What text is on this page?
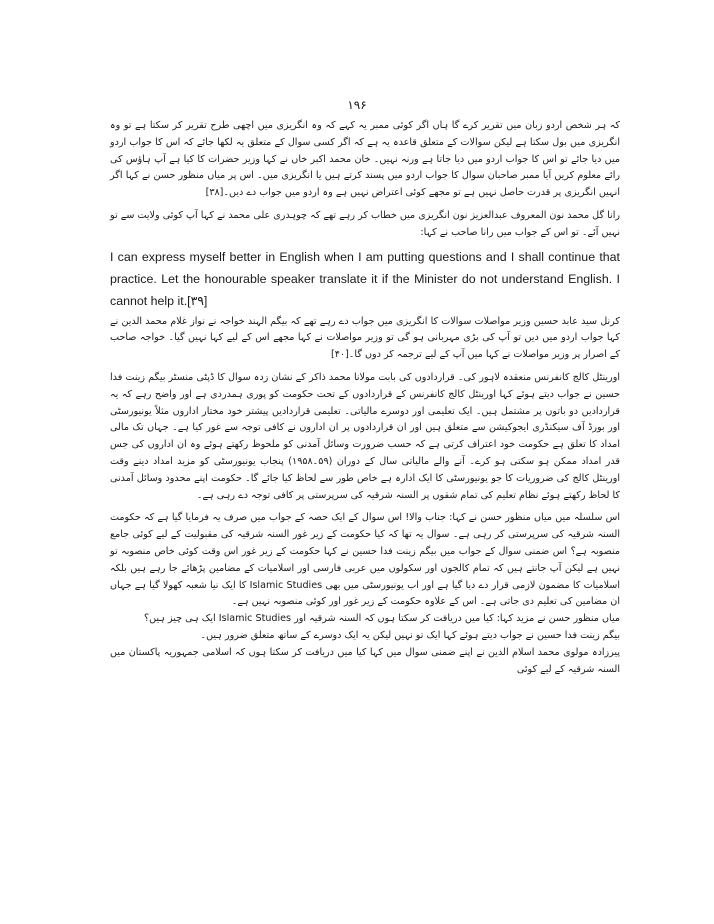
۱۹۶

کہ ہر شخص اردو زبان میں تقریر کرے گا ہاں اگر کوئی ممبر یہ کہے کہ وہ انگریزی میں اچھی طرح تقریر کر سکتا ہے تو وہ انگریزی میں بول سکتا ہے لیکن سوالات کے متعلق قاعدہ یہ ہے کہ اگر کسی سوال کے متعلق یہ لکھا جائے کہ اس کا جواب اردو میں دیا جائے تو اس کا جواب اردو میں دیا جاتا ہے ورنہ نہیں۔ خان محمد اکبر خاں نے کہا وزیر حضرات کا کیا ہے آپ ہاؤس کی رائے معلوم کریں آیا ممبر صاحبان سوال کا جواب اردو میں پسند کرتے ہیں یا انگریزی میں۔ اس پر میاں منظور حسن نے کہا اگر انہیں انگریزی پر قدرت حاصل نہیں ہے تو مجھے کوئی اعتراض نہیں ہے وہ اردو میں جواب دے دیں۔[۳۸]

رانا گل محمد نون المعروف عبدالعزیز نون انگریزی میں خطاب کر رہے تھے کہ چوہدری علی محمد نے کہا آپ کوئی ولایت سے تو نہیں آئے۔ تو اس کے جواب میں رانا صاحب نے کہا:

I can express myself better in English when I am putting questions and I shall continue that practice. Let the honourable speaker translate it if the Minister do not understand English. I cannot help it.[۳۹]

کرنل سید عابد حسین وزیر مواصلات سوالات کا انگریزی میں جواب دے رہے تھے کہ بیگم الہند خواجہ نے نواز غلام محمد الدین نے کہا جواب اردو میں دیں تو آپ کی بڑی مہربانی ہو گی تو وزیر مواصلات نے کہا مجھے اس کے لیے کہا نہیں گیا۔ خواجہ صاحب کے اصرار پر وزیر مواصلات نے کہا میں آپ کے لیے ترجمہ کر دوں گا۔[۴۰]

اورینٹل کالج کانفرنس منعقدہ لاہور کی۔ قراردادوں کی بابت مولانا محمد ذاکر کے نشان زدہ سوال کا ڈپٹی منسٹر بیگم زینت فدا حسین نے جواب دیتے ہوئے کہا اورینٹل کالج کانفرنس کے قراردادوں کے تحت حکومت کو پوری ہمدردی ہے اور واضح رہے کہ یہ قراردادیں دو باتوں پر مشتمل ہیں۔ ایک تعلیمی اور دوسرے مالیاتی۔ تعلیمی قراردادیں پیشتر خود مختار اداروں مثلاً یونیورسٹی اور بورڈ آف سیکنڈری ایجوکیشن سے متعلق ہیں اور ان قراردادوں پر ان اداروں نے کافی توجہ سے غور کیا ہے۔ جہاں تک مالی امداد کا تعلق ہے حکومت خود اعتراف کرتی ہے کہ حسب ضرورت وسائل آمدنی کو ملحوظ رکھتے ہوئے وہ ان اداروں کی جس قدر امداد ممکن ہو سکتی ہو کرے۔ آنے والے مالیاتی سال کے دوران (۵۹۔۱۹۵۸) پنجاب یونیورسٹی کو مزید امداد دینے وقت اورینٹل کالج کی ضروریات کا جو یونیورسٹی کا ایک ادارہ ہے خاص طور سے لحاظ کیا جائے گا۔ حکومت اپنے محدود وسائل آمدنی کا لحاظ رکھتے ہوئے نظام تعلیم کی تمام شقوں پر السنہ شرقیہ کی سرپرستی پر کافی توجہ دے رہی ہے۔

اس سلسلہ میں میاں منظور حسن نے کہا: جناب والا! اس سوال کے ایک حصہ کے جواب میں صرف یہ فرمایا گیا ہے کہ حکومت السنہ شرقیہ کی سرپرستی کر رہی ہے۔ سوال یہ تھا کہ کیا حکومت کے زیر غور السنہ شرقیہ کی مقبولیت کے لیے کوئی جامع منصوبہ ہے؟ اس ضمنی سوال کے جواب میں بیگم زینت فدا حسین نے کہا حکومت کے زیر غور اس وقت کوئی خاص منصوبہ تو نہیں ہے لیکن آپ جانتے ہیں کہ تمام کالجوں اور سکولوں میں عربی فارسی اور اسلامیات کے مضامین پڑھائے جا رہے ہیں بلکہ اسلامیات کا مضمون لازمی قرار دے دیا گیا ہے اور اب یونیورسٹی میں بھی Islamic Studies کا ایک نیا شعبہ کھولا گیا ہے جہاں ان مضامین کی تعلیم دی جاتی ہے۔ اس کے علاوہ حکومت کے زیر غور اور کوئی منصوبہ نہیں ہے۔

میاں منظور حسن نے مزید کہا: کیا میں دریافت کر سکتا ہوں کہ السنہ شرقیہ اور Islamic Studies ایک ہی چیز ہیں؟

بیگم زینت فدا حسین نے جواب دیتے ہوئے کہا ایک تو نہیں لیکن یہ ایک دوسرے کے ساتھ متعلق ضرور ہیں۔

پیرزادہ مولوی محمد اسلام الدین نے اپنے ضمنی سوال میں کہا کیا میں دریافت کر سکتا ہوں کہ اسلامی جمہوریہ پاکستان میں السنہ شرقیہ کے لیے کوئی
